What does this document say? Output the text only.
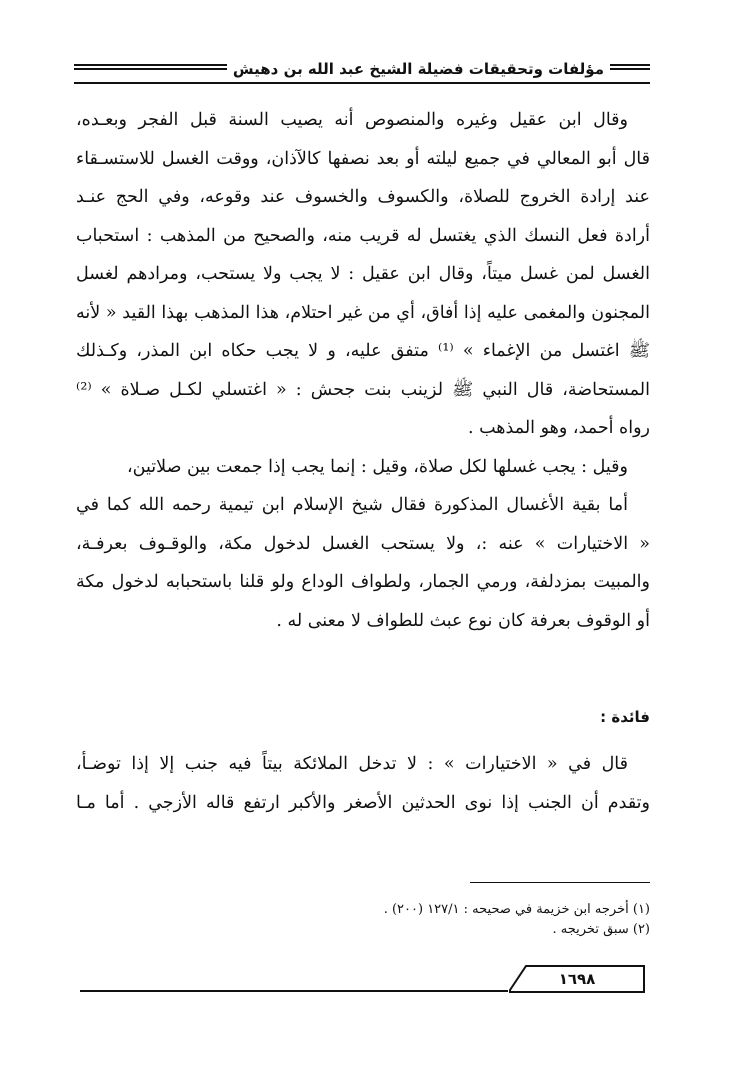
مؤلفات وتحقيقات فضيلة الشيخ عبد الله بن دهيش

وقال ابن عقيل وغيره والمنصوص أنه يصيب السنة قبل الفجر وبعـده،

قال أبو المعالي في جميع ليلته أو بعد نصفها كالآذان، ووقت الغسل للاستسـقاء

عند إرادة الخروج للصلاة، والكسوف والخسوف عند وقوعه، وفي الحج عنـد

أرادة فعل النسك الذي يغتسل له قريب منه، والصحيح من المذهب : استحباب

الغسل لمن غسل ميتاً، وقال ابن عقيل : لا يجب ولا يستحب، ومرادهم لغسل

المجنون والمغمى عليه إذا أفاق، أي من غير احتلام، هذا المذهب بهذا القيد « لأنه

ﷺ اغتسل من الإغماء » ⁽¹⁾ متفق عليه، و لا يجب حكاه ابن المذر، وكـذلك

المستحاضة، قال النبي ﷺ لزينب بنت جحش : « اغتسلي لكـل صـلاة » ⁽²⁾

رواه أحمد، وهو المذهب .

وقيل : يجب غسلها لكل صلاة، وقيل : إنما يجب إذا جمعت بين صلاتين،

أما بقية الأغسال المذكورة فقال شيخ الإسلام ابن تيمية رحمه الله كما في

« الاختيارات » عنه :، ولا يستحب الغسل لدخول مكة، والوقـوف بعرفـة،

والمبيت بمزدلفة، ورمي الجمار، ولطواف الوداع ولو قلنا باستحبابه لدخول مكة

أو الوقوف بعرفة كان نوع عبث للطواف لا معنى له .

فائدة :

قال في « الاختيارات » : لا تدخل الملائكة بيتاً فيه جنب إلا إذا توضـأ،

وتقدم أن الجنب إذا نوى الحدثين الأصغر والأكبر ارتفع قاله الأزجي . أما مـا

(١) أخرجه ابن خزيمة في صحيحه : ١٢٧/١ (٢٠٠) .

(٢) سبق تخريجه .

١٦٩٨
